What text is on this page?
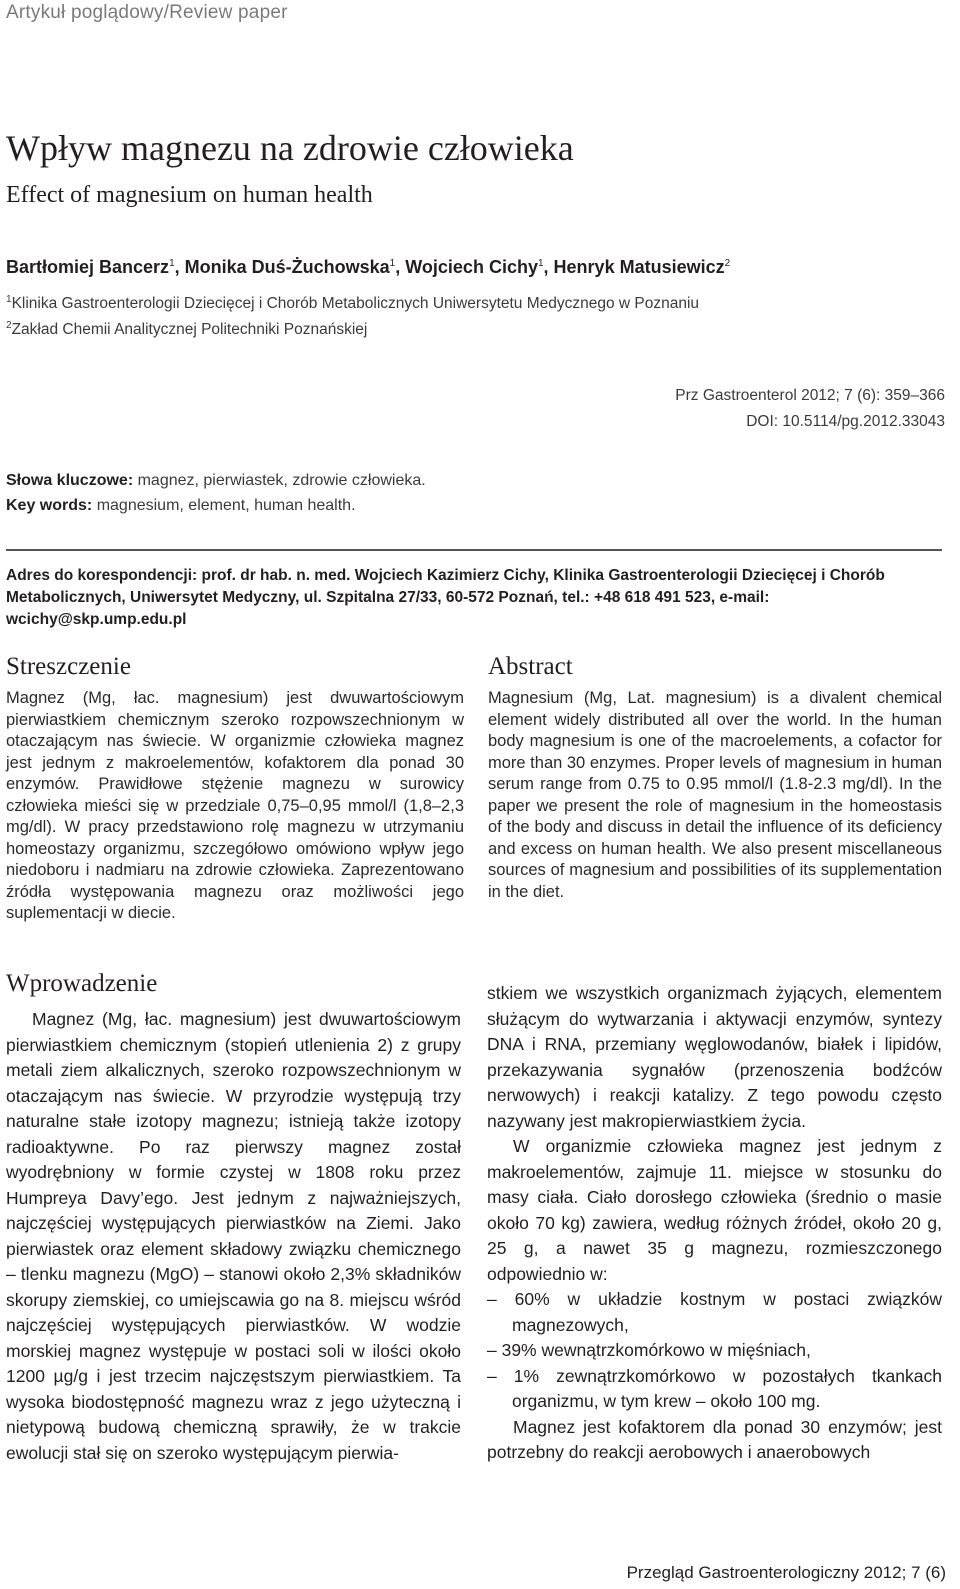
Artykuł poglądowy/Review paper
Wpływ magnezu na zdrowie człowieka
Effect of magnesium on human health
Bartłomiej Bancerz$^1$, Monika Duś-Żuchowska$^1$, Wojciech Cichy$^1$, Henryk Matusiewicz$^2$
$^1$Klinika Gastroenterologii Dziecięcej i Chorób Metabolicznych Uniwersytetu Medycznego w Poznaniu
$^2$Zakład Chemii Analitycznej Politechniki Poznańskiej
Prz Gastroenterol 2012; 7 (6): 359–366
DOI: 10.5114/pg.2012.33043
Słowa kluczowe: magnez, pierwiastek, zdrowie człowieka.
Key words: magnesium, element, human health.
Adres do korespondencji: prof. dr hab. n. med. Wojciech Kazimierz Cichy, Klinika Gastroenterologii Dziecięcej i Chorób Metabolicznych, Uniwersytet Medyczny, ul. Szpitalna 27/33, 60-572 Poznań, tel.: +48 618 491 523, e-mail: wcichy@skp.ump.edu.pl
Streszczenie
Magnez (Mg, łac. magnesium) jest dwuwartościowym pierwiastkiem chemicznym szeroko rozpowszechnionym w otaczającym nas świecie. W organizmie człowieka magnez jest jednym z makroelementów, kofaktorem dla ponad 30 enzymów. Prawidłowe stężenie magnezu w surowicy człowieka mieści się w przedziale 0,75–0,95 mmol/l (1,8–2,3 mg/dl). W pracy przedstawiono rolę magnezu w utrzymaniu homeostazy organizmu, szczegółowo omówiono wpływ jego niedoboru i nadmiaru na zdrowie człowieka. Zaprezentowano źródła występowania magnezu oraz możliwości jego suplementacji w diecie.
Abstract
Magnesium (Mg, Lat. magnesium) is a divalent chemical element widely distributed all over the world. In the human body magnesium is one of the macroelements, a cofactor for more than 30 enzymes. Proper levels of magnesium in human serum range from 0.75 to 0.95 mmol/l (1.8-2.3 mg/dl). In the paper we present the role of magnesium in the homeostasis of the body and discuss in detail the influence of its deficiency and excess on human health. We also present miscellaneous sources of magnesium and possibilities of its supplementation in the diet.
Wprowadzenie
Magnez (Mg, łac. magnesium) jest dwuwartościowym pierwiastkiem chemicznym (stopień utlenienia 2) z grupy metali ziem alkalicznych, szeroko rozpowszechnionym w otaczającym nas świecie. W przyrodzie występują trzy naturalne stałe izotopy magnezu; istnieją także izotopy radioaktywne. Po raz pierwszy magnez został wyodrębniony w formie czystej w 1808 roku przez Humpreya Davy’ego. Jest jednym z najważniejszych, najczęściej występujących pierwiastków na Ziemi. Jako pierwiastek oraz element składowy związku chemicznego – tlenku magnezu (MgO) – stanowi około 2,3% składników skorupy ziemskiej, co umiejscawia go na 8. miejscu wśród najczęściej występujących pierwiastków. W wodzie morskiej magnez występuje w postaci soli w ilości około 1200 µg/g i jest trzecim najczęstszym pierwiastkiem. Ta wysoka biodostępność magnezu wraz z jego użyteczną i nietypową budową chemiczną sprawiły, że w trakcie ewolucji stał się on szeroko występującym pierwia-

stkiem we wszystkich organizmach żyjących, elementem służącym do wytwarzania i aktywacji enzymów, syntezy DNA i RNA, przemiany węglowodanów, białek i lipidów, przekazywania sygnałów (przenoszenia bodźców nerwowych) i reakcji katalizy. Z tego powodu często nazywany jest makropierwiastkiem życia.

W organizmie człowieka magnez jest jednym z makroelementów, zajmuje 11. miejsce w stosunku do masy ciała. Ciało dorosłego człowieka (średnio o masie około 70 kg) zawiera, według różnych źródeł, około 20 g, 25 g, a nawet 35 g magnezu, rozmieszczonego odpowiednio w:

– 60% w układzie kostnym w postaci związków magnezowych,

– 39% wewnątrzkomórkowo w mięśniach,

– 1% zewnątrzkomórkowo w pozostałych tkankach organizmu, w tym krew – około 100 mg.

Magnez jest kofaktorem dla ponad 30 enzymów; jest potrzebny do reakcji aerobowych i anaerobowych

Przegląd Gastroenterologiczny 2012; 7 (6)
